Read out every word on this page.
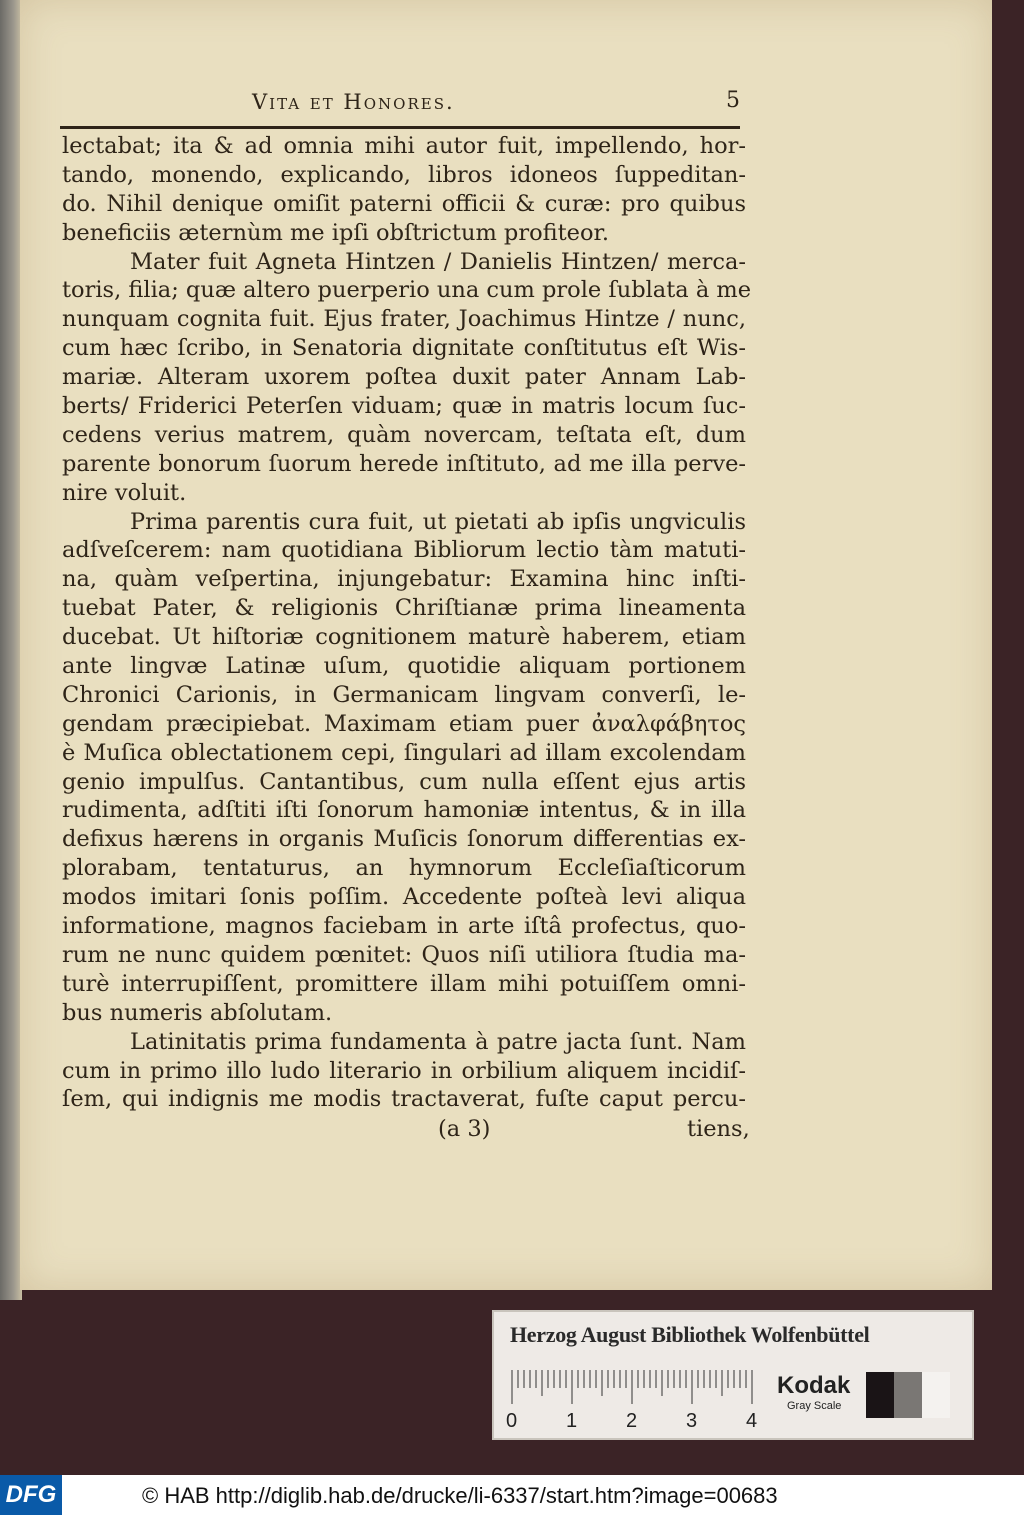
Vita et Honores.	5
lectabat; ita & ad omnia mihi autor fuit, impellendo, hor-
tando, monendo, explicando, libros idoneos ſuppeditan-
do. Nihil denique omiſit paterni officii & curæ: pro quibus
beneficiis æternùm me ipſi obſtrictum profiteor.
Mater fuit Agneta Hintzen / Danielis Hintzen/ merca-
toris, filia; quæ altero puerperio una cum prole ſublata à me
nunquam cognita fuit. Ejus frater, Joachimus Hintze / nunc,
cum hæc ſcribo, in Senatoria dignitate conſtitutus eſt Wis-
mariæ. Alteram uxorem poſtea duxit pater Annam Lab-
berts/ Friderici Peterſen viduam; quæ in matris locum ſuc-
cedens verius matrem, quàm novercam, teſtata eſt, dum
parente bonorum ſuorum herede inſtituto, ad me illa perve-
nire voluit.
Prima parentis cura fuit, ut pietati ab ipſis ungviculis
adſveſcerem: nam quotidiana Bibliorum lectio tàm matuti-
na, quàm veſpertina, injungebatur: Examina hinc inſti-
tuebat Pater, & religionis Chriſtianæ prima lineamenta
ducebat. Ut hiſtoriæ cognitionem maturè haberem, etiam
ante lingvæ Latinæ uſum, quotidie aliquam portionem
Chronici Carionis, in Germanicam lingvam converſi, le-
gendam præcipiebat. Maximam etiam puer ἀναλφάβητος
è Muſica oblectationem cepi, ſingulari ad illam excolendam
genio impulſus. Cantantibus, cum nulla eſſent ejus artis
rudimenta, adſtiti iſti ſonorum hamoniæ intentus, & in illa
defixus hærens in organis Muſicis ſonorum differentias ex-
plorabam, tentaturus, an hymnorum Eccleſiaſticorum
modos imitari ſonis poſſim. Accedente poſteà levi aliqua
informatione, magnos faciebam in arte iſtâ profectus, quo-
rum ne nunc quidem pœnitet: Quos niſi utiliora ſtudia ma-
turè interrupiſſent, promittere illam mihi potuiſſem omni-
bus numeris abſolutam.
Latinitatis prima fundamenta à patre jacta ſunt. Nam
cum in primo illo ludo literario in orbilium aliquem incidiſ-
ſem, qui indignis me modis tractaverat, fuſte caput percu-
(a 3)	tiens,
Herzog August Bibliothek Wolfenbüttel
0 1 2 3 4
Kodak
Gray Scale
DFG	© HAB http://diglib.hab.de/drucke/li-6337/start.htm?image=00683
